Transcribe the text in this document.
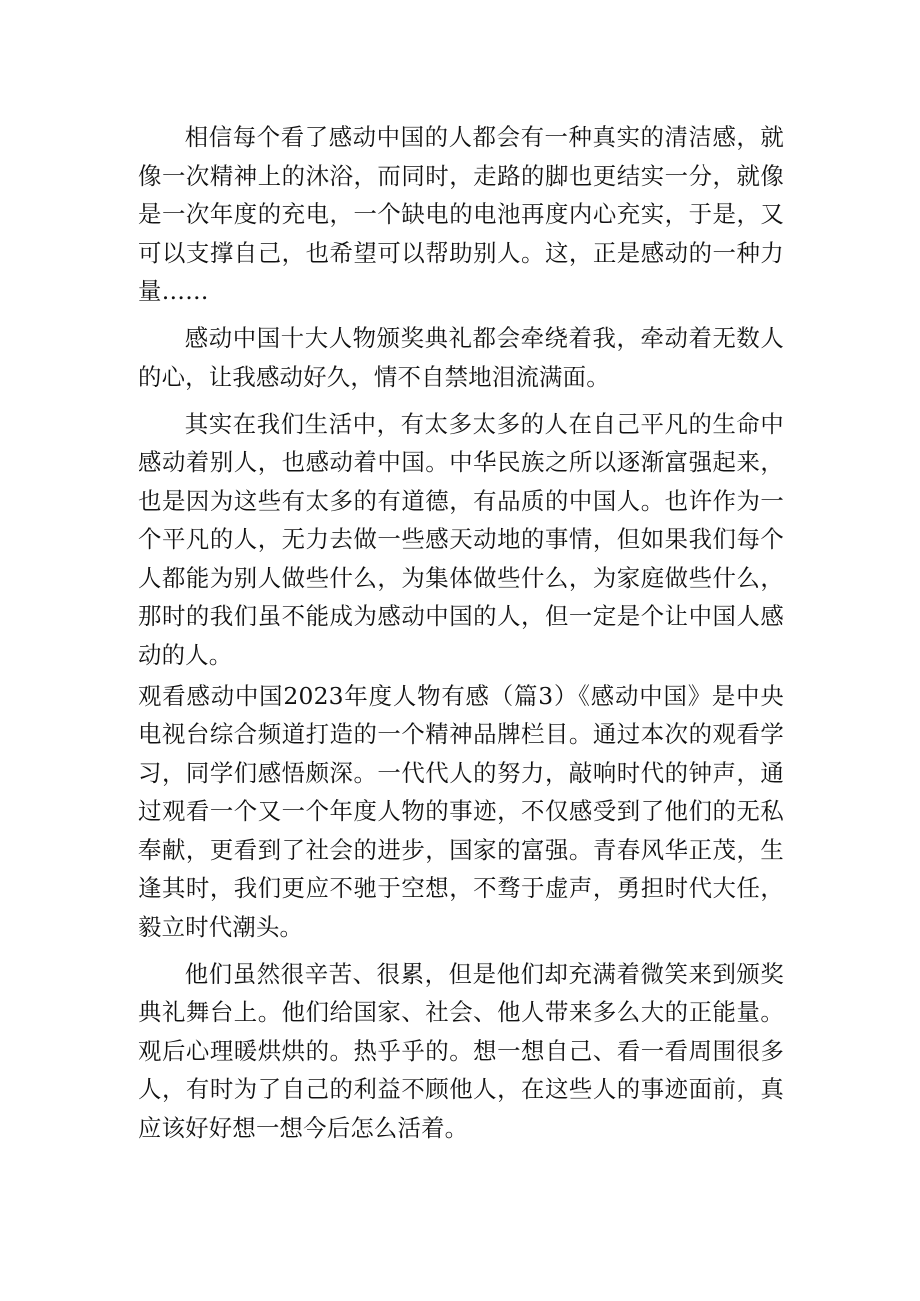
相信每个看了感动中国的人都会有一种真实的清洁感，就像一次精神上的沐浴，而同时，走路的脚也更结实一分，就像是一次年度的充电，一个缺电的电池再度内心充实，于是，又可以支撑自己，也希望可以帮助别人。这，正是感动的一种力量……

感动中国十大人物颁奖典礼都会牵绕着我，牵动着无数人的心，让我感动好久，情不自禁地泪流满面。

其实在我们生活中，有太多太多的人在自己平凡的生命中感动着别人，也感动着中国。中华民族之所以逐渐富强起来，也是因为这些有太多的有道德，有品质的中国人。也许作为一个平凡的人，无力去做一些感天动地的事情，但如果我们每个人都能为别人做些什么，为集体做些什么，为家庭做些什么，那时的我们虽不能成为感动中国的人，但一定是个让中国人感动的人。

观看感动中国2023年度人物有感（篇3）《感动中国》是中央电视台综合频道打造的一个精神品牌栏目。通过本次的观看学习，同学们感悟颇深。一代代人的努力，敲响时代的钟声，通过观看一个又一个年度人物的事迹，不仅感受到了他们的无私奉献，更看到了社会的进步，国家的富强。青春风华正茂，生逢其时，我们更应不驰于空想，不骛于虚声，勇担时代大任，毅立时代潮头。

他们虽然很辛苦、很累，但是他们却充满着微笑来到颁奖典礼舞台上。他们给国家、社会、他人带来多么大的正能量。观后心理暖烘烘的。热乎乎的。想一想自己、看一看周围很多人，有时为了自己的利益不顾他人，在这些人的事迹面前，真应该好好想一想今后怎么活着。
